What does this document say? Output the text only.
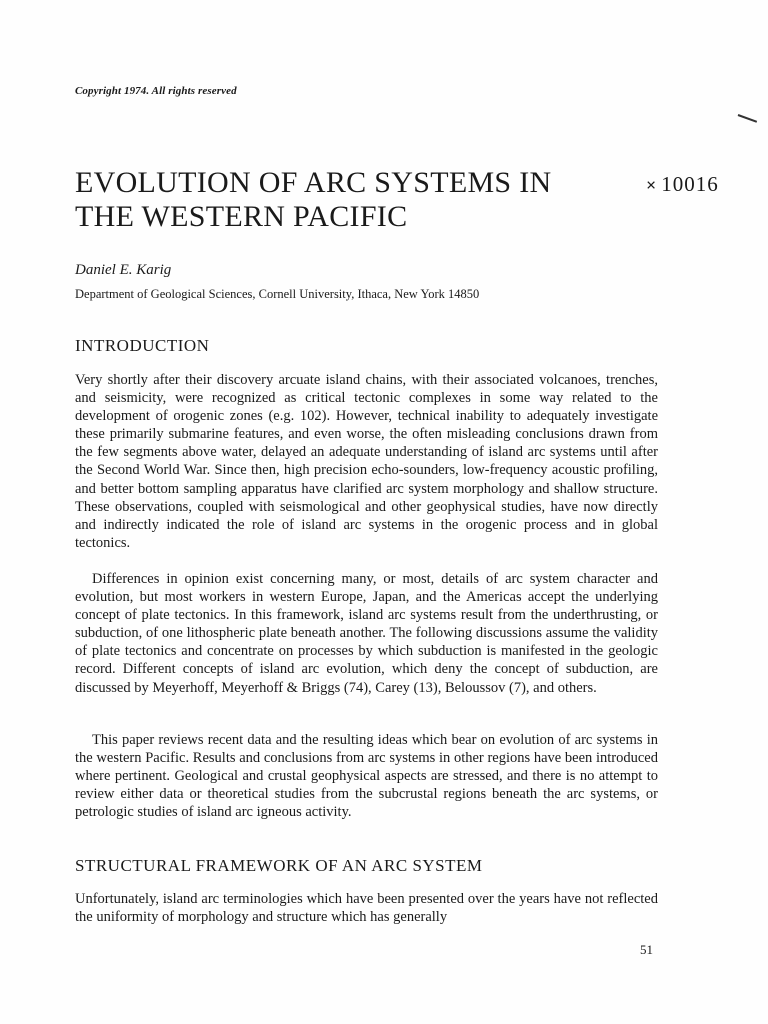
Copyright 1974. All rights reserved
EVOLUTION OF ARC SYSTEMS IN THE WESTERN PACIFIC
× 10016
Daniel E. Karig
Department of Geological Sciences, Cornell University, Ithaca, New York 14850
INTRODUCTION

Very shortly after their discovery arcuate island chains, with their associated volcanoes, trenches, and seismicity, were recognized as critical tectonic complexes in some way related to the development of orogenic zones (e.g. 102). However, technical inability to adequately investigate these primarily submarine features, and even worse, the often misleading conclusions drawn from the few segments above water, delayed an adequate understanding of island arc systems until after the Second World War. Since then, high precision echo-sounders, low-frequency acoustic profiling, and better bottom sampling apparatus have clarified arc system morphology and shallow structure. These observations, coupled with seismological and other geophysical studies, have now directly and indirectly indicated the role of island arc systems in the orogenic process and in global tectonics.

Differences in opinion exist concerning many, or most, details of arc system character and evolution, but most workers in western Europe, Japan, and the Americas accept the underlying concept of plate tectonics. In this framework, island arc systems result from the underthrusting, or subduction, of one lithospheric plate beneath another. The following discussions assume the validity of plate tectonics and concentrate on processes by which subduction is manifested in the geologic record. Different concepts of island arc evolution, which deny the concept of subduction, are discussed by Meyerhoff, Meyerhoff & Briggs (74), Carey (13), Beloussov (7), and others.

This paper reviews recent data and the resulting ideas which bear on evolution of arc systems in the western Pacific. Results and conclusions from arc systems in other regions have been introduced where pertinent. Geological and crustal geophysical aspects are stressed, and there is no attempt to review either data or theoretical studies from the subcrustal regions beneath the arc systems, or petrologic studies of island arc igneous activity.

STRUCTURAL FRAMEWORK OF AN ARC SYSTEM

Unfortunately, island arc terminologies which have been presented over the years have not reflected the uniformity of morphology and structure which has generally

51
